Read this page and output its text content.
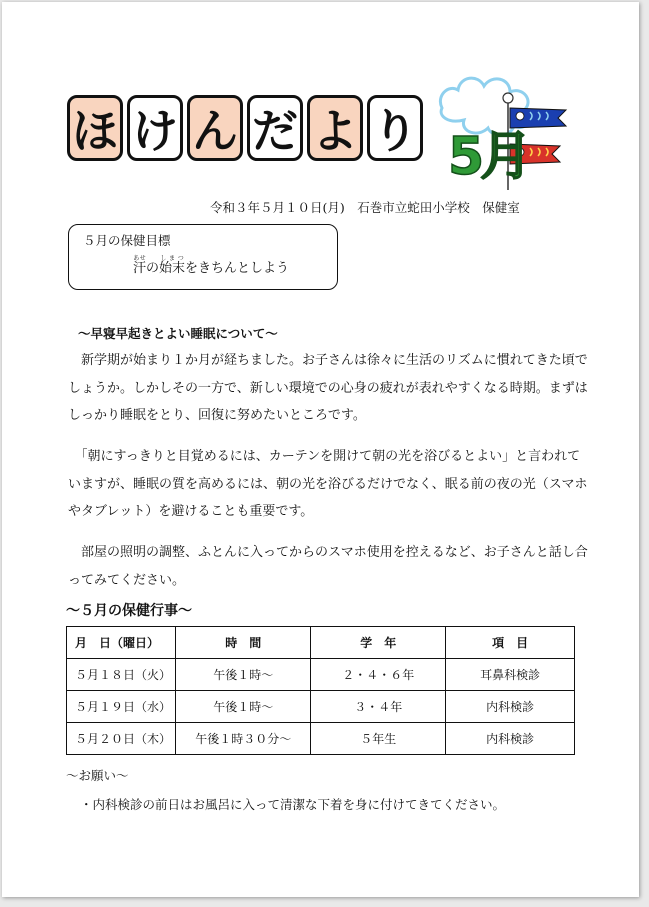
ほ け ん だ よ り 5月
令和３年５月１０日(月)　石巻市立蛇田小学校　保健室
５月の保健目標
汗あせの始末しまつをきちんとしよう
～早寝早起きとよい睡眠について～
　新学期が始まり１か月が経ちました。お子さんは徐々に生活のリズムに慣れてきた頃で
しょうか。しかしその一方で、新しい環境での心身の疲れが表れやすくなる時期。まずは
しっかり睡眠をとり、回復に努めたいところです。
　「朝にすっきりと目覚めるには、カーテンを開けて朝の光を浴びるとよい」と言われて
いますが、睡眠の質を高めるには、朝の光を浴びるだけでなく、眠る前の夜の光（スマホ
やタブレット）を避けることも重要です。
　部屋の照明の調整、ふとんに入ってからのスマホ使用を控えるなど、お子さんと話し合
ってみてください。
～５月の保健行事～
月　日（曜日）	時　間	学　年	項　目
５月１８日（火）	午後１時～	２・４・６年	耳鼻科検診
５月１９日（水）	午後１時～	３・４年	内科検診
５月２０日（木）	午後１時３０分～	５年生	内科検診
～お願い～
・内科検診の前日はお風呂に入って清潔な下着を身に付けてきてください。
